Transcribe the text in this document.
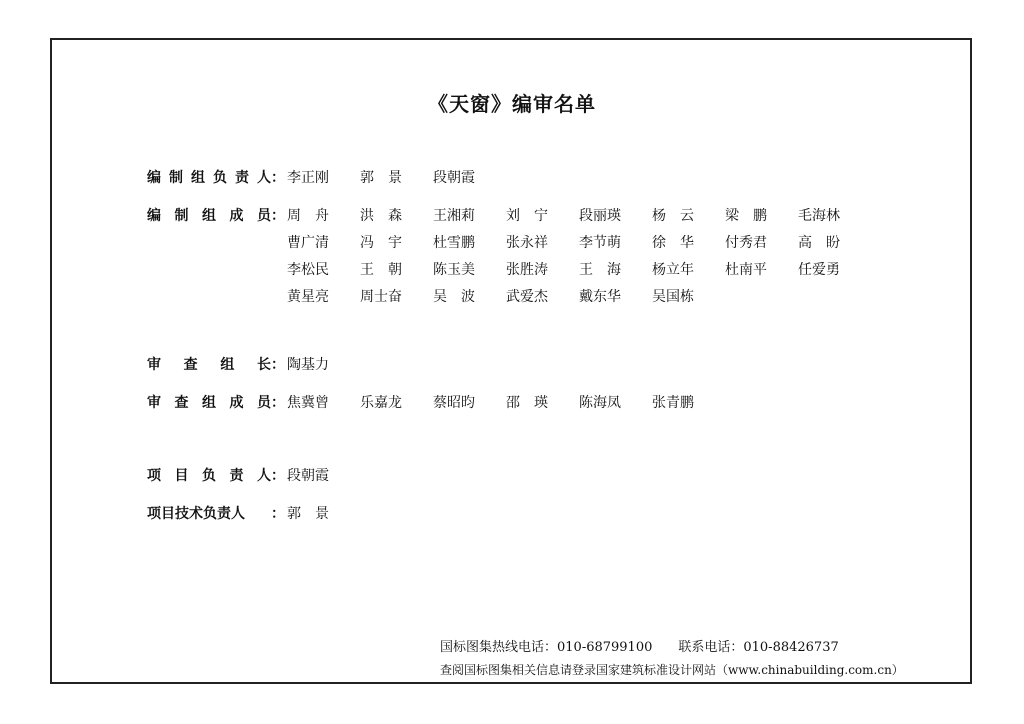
《天窗》编审名单
编 制 组 负 责 人 ： 李正刚	郭　景	段朝霞
编 制 组 成 员 ： 周　舟	洪　森	王湘莉	刘　宁	段丽瑛	杨　云	梁　鹏	毛海林
曹广清	冯　宇	杜雪鹏	张永祥	李节萌	徐　华	付秀君	高　盼
李松民	王　朝	陈玉美	张胜涛	王　海	杨立年	杜南平	任爱勇
黄星亮	周士奋	吴　波	武爱杰	戴东华	吴国栋
审 查 组 长 ： 陶基力
审 查 组 成 员 ： 焦冀曾	乐嘉龙	蔡昭昀	邵　瑛	陈海凤	张青鹏
项 目 负 责 人 ： 段朝霞
项目技术负责人	： 郭　景
国标图集热线电话：010-68799100　　联系电话：010-88426737
查阅国标图集相关信息请登录国家建筑标准设计网站（www.chinabuilding.com.cn）
